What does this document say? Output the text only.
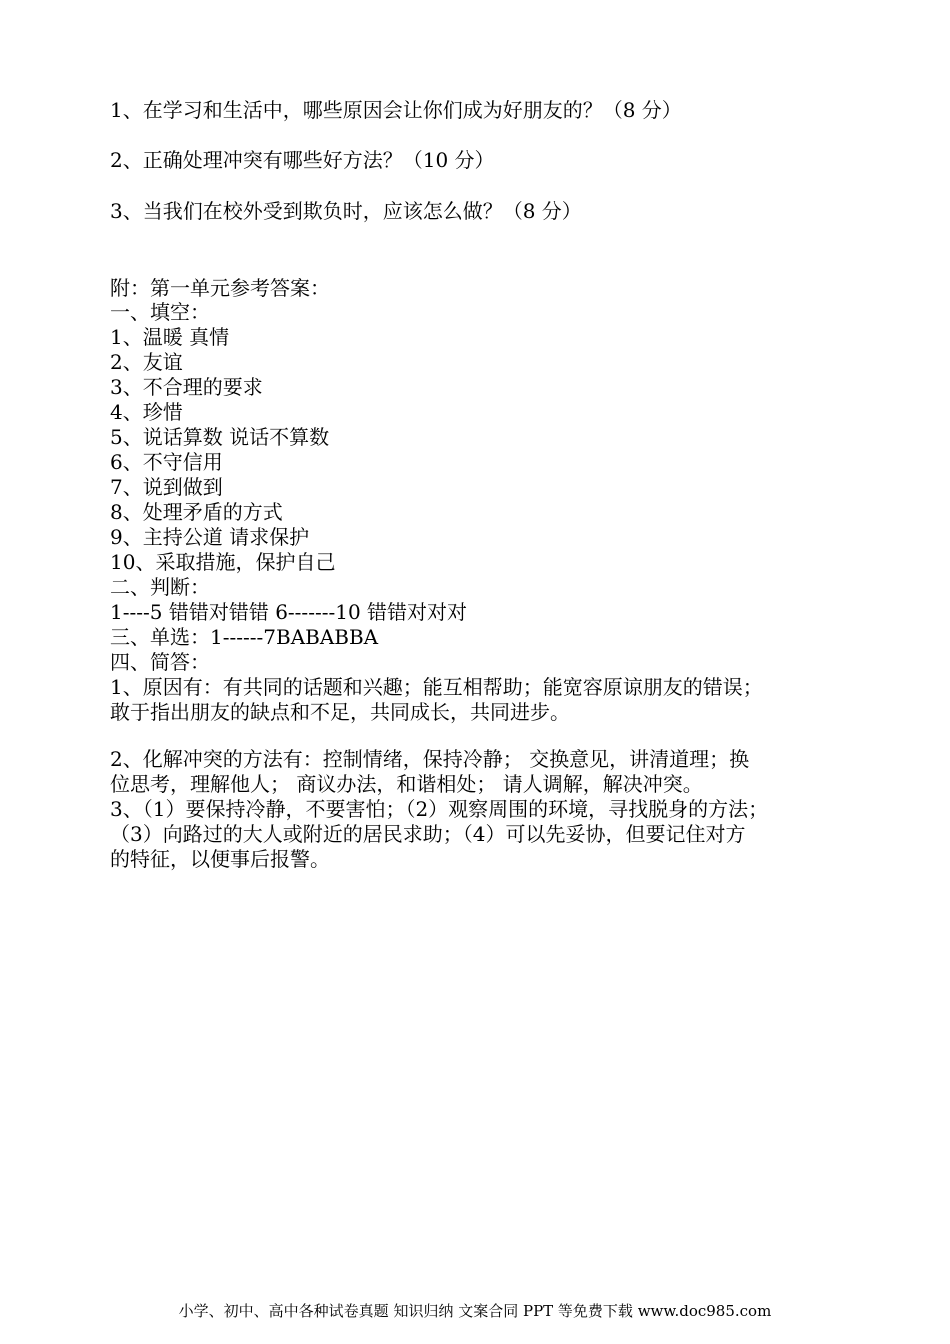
1、在学习和生活中，哪些原因会让你们成为好朋友的？（8 分）
2、正确处理冲突有哪些好方法？（10 分）
3、当我们在校外受到欺负时，应该怎么做？（8 分）
附：第一单元参考答案：
一、填空：
1、温暖 真情
2、友谊
3、不合理的要求
4、珍惜
5、说话算数 说话不算数
6、不守信用
7、说到做到
8、处理矛盾的方式
9、主持公道 请求保护
10、采取措施，保护自己
二、判断：
1----5 错错对错错 6-------10 错错对对对
三、单选：1------7BABABBA
四、简答：
1、原因有：有共同的话题和兴趣；能互相帮助；能宽容原谅朋友的错误；
敢于指出朋友的缺点和不足，共同成长，共同进步。
2、化解冲突的方法有：控制情绪，保持冷静； 交换意见，讲清道理；换
位思考，理解他人； 商议办法，和谐相处； 请人调解，解决冲突。
3、（1）要保持冷静，不要害怕；（2）观察周围的环境，寻找脱身的方法；
（3）向路过的大人或附近的居民求助；（4）可以先妥协，但要记住对方
的特征，以便事后报警。
小学、初中、高中各种试卷真题 知识归纳 文案合同 PPT 等免费下载 www.doc985.com
